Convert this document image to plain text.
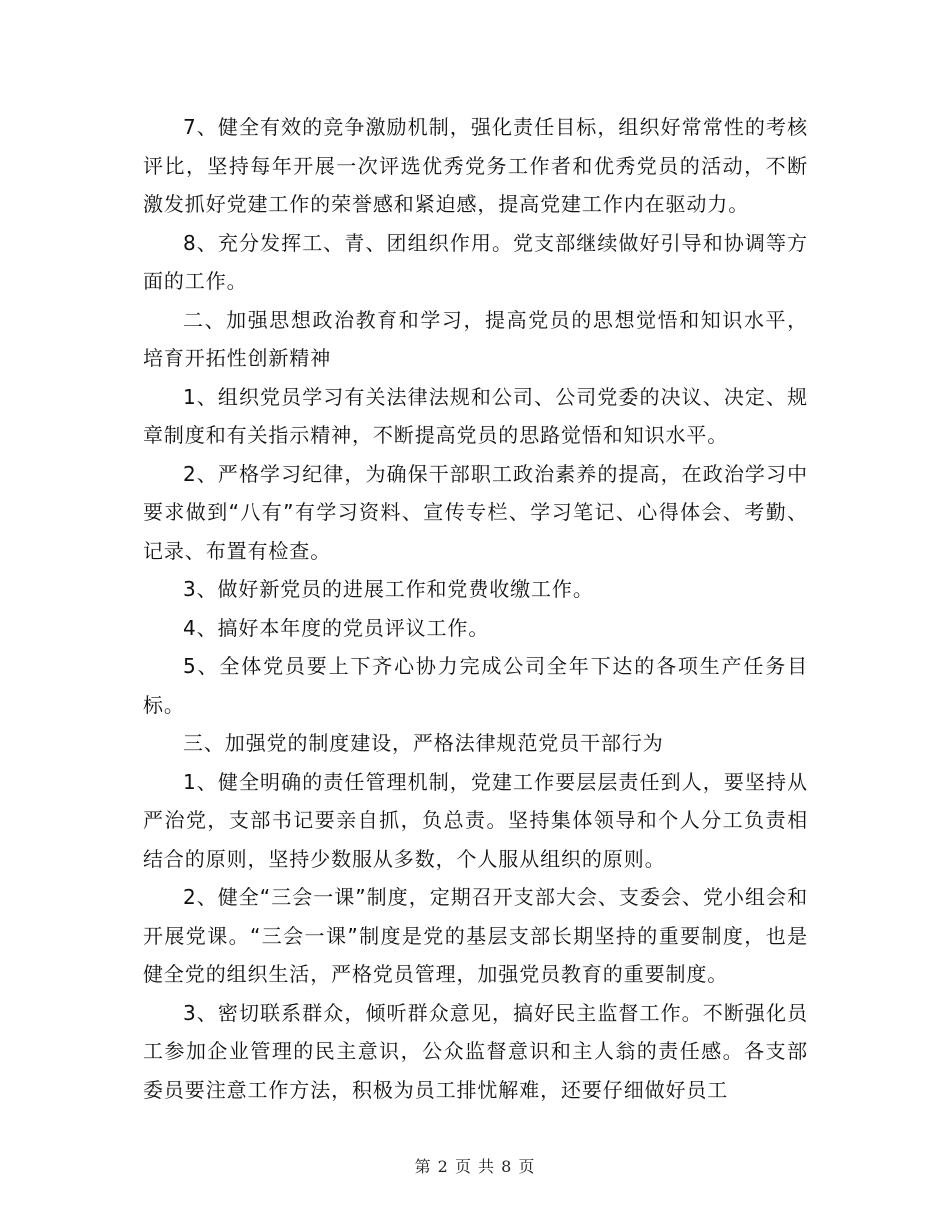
7、健全有效的竞争激励机制，强化责任目标，组织好常常性的考核评比，坚持每年开展一次评选优秀党务工作者和优秀党员的活动，不断激发抓好党建工作的荣誉感和紧迫感，提高党建工作内在驱动力。

8、充分发挥工、青、团组织作用。党支部继续做好引导和协调等方面的工作。

二、加强思想政治教育和学习，提高党员的思想觉悟和知识水平，培育开拓性创新精神

1、组织党员学习有关法律法规和公司、公司党委的决议、决定、规章制度和有关指示精神，不断提高党员的思路觉悟和知识水平。

2、严格学习纪律，为确保干部职工政治素养的提高，在政治学习中要求做到“八有”有学习资料、宣传专栏、学习笔记、心得体会、考勤、记录、布置有检查。

3、做好新党员的进展工作和党费收缴工作。

4、搞好本年度的党员评议工作。

5、全体党员要上下齐心协力完成公司全年下达的各项生产任务目标。

三、加强党的制度建设，严格法律规范党员干部行为

1、健全明确的责任管理机制，党建工作要层层责任到人，要坚持从严治党，支部书记要亲自抓，负总责。坚持集体领导和个人分工负责相结合的原则，坚持少数服从多数，个人服从组织的原则。

2、健全“三会一课”制度，定期召开支部大会、支委会、党小组会和开展党课。“三会一课”制度是党的基层支部长期坚持的重要制度，也是健全党的组织生活，严格党员管理，加强党员教育的重要制度。

3、密切联系群众，倾听群众意见，搞好民主监督工作。不断强化员工参加企业管理的民主意识，公众监督意识和主人翁的责任感。各支部委员要注意工作方法，积极为员工排忧解难，还要仔细做好员工

第 2 页 共 8 页
